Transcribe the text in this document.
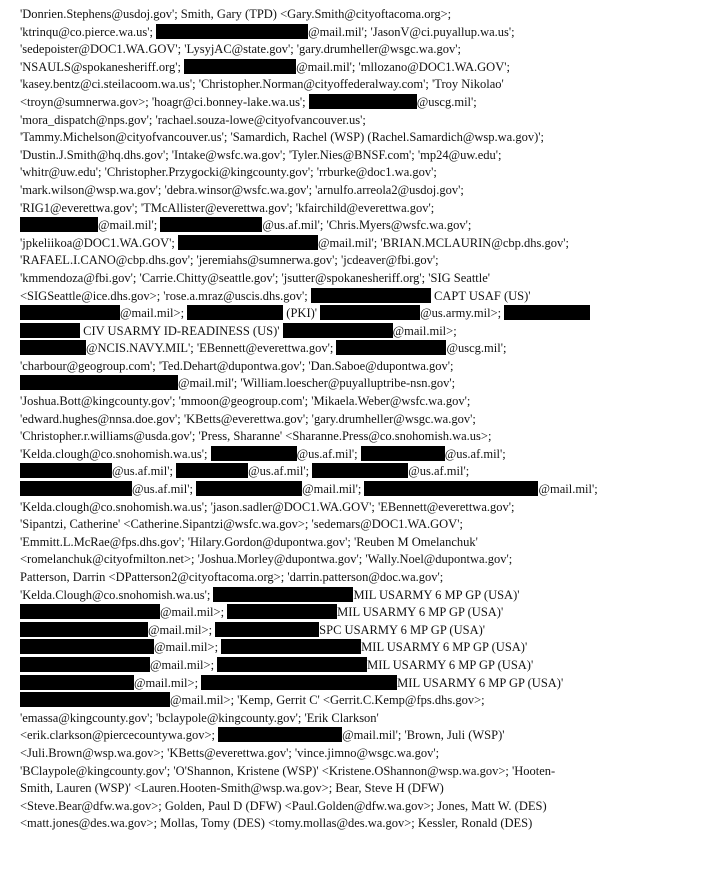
'Donrien.Stephens@usdoj.gov'; Smith, Gary (TPD) <Gary.Smith@cityoftacoma.org>;
'ktrinqu@co.pierce.wa.us';	@mail.mil'; 'JasonV@ci.puyallup.wa.us';
'sedepoister@DOC1.WA.GOV'; 'LysyjAC@state.gov'; 'gary.drumheller@wsgc.wa.gov';
'NSAULS@spokanesheriff.org';	@mail.mil'; 'mllozano@DOC1.WA.GOV';
'kasey.bentz@ci.steilacoom.wa.us'; 'Christopher.Norman@cityoffederalway.com'; 'Troy Nikolao'
<troyn@sumnerwa.gov>; 'hoagr@ci.bonney-lake.wa.us';	@uscg.mil';
'mora_dispatch@nps.gov'; 'rachael.souza-lowe@cityofvancouver.us';
'Tammy.Michelson@cityofvancouver.us'; 'Samardich, Rachel (WSP) (Rachel.Samardich@wsp.wa.gov)';
'Dustin.J.Smith@hq.dhs.gov'; 'Intake@wsfc.wa.gov'; 'Tyler.Nies@BNSF.com'; 'mp24@uw.edu';
'whitr@uw.edu'; 'Christopher.Przygocki@kingcounty.gov'; 'rrburke@doc1.wa.gov';
'mark.wilson@wsp.wa.gov'; 'debra.winsor@wsfc.wa.gov'; 'arnulfo.arreola2@usdoj.gov';
'RIG1@everettwa.gov'; 'TMcAllister@everettwa.gov'; 'kfairchild@everettwa.gov';
@mail.mil';	@us.af.mil'; 'Chris.Myers@wsfc.wa.gov';
'jpkeliikoa@DOC1.WA.GOV';	@mail.mil'; 'BRIAN.MCLAURIN@cbp.dhs.gov';
'RAFAEL.I.CANO@cbp.dhs.gov'; 'jeremiahs@sumnerwa.gov'; 'jcdeaver@fbi.gov';
'kmmendoza@fbi.gov'; 'Carrie.Chitty@seattle.gov'; 'jsutter@spokanesheriff.org'; 'SIG Seattle'
<SIGSeattle@ice.dhs.gov>; 'rose.a.mraz@uscis.dhs.gov';	CAPT USAF (US)'
@mail.mil>;	(PKI)'	@us.army.mil>;
CIV USARMY ID-READINESS (US)'	@mail.mil>;
@NCIS.NAVY.MIL'; 'EBennett@everettwa.gov';	@uscg.mil';
'charbour@geogroup.com'; 'Ted.Dehart@dupontwa.gov'; 'Dan.Saboe@dupontwa.gov';
@mail.mil'; 'William.loescher@puyalluptribe-nsn.gov';
'Joshua.Bott@kingcounty.gov'; 'mmoon@geogroup.com'; 'Mikaela.Weber@wsfc.wa.gov';
'edward.hughes@nnsa.doe.gov'; 'KBetts@everettwa.gov'; 'gary.drumheller@wsgc.wa.gov';
'Christopher.r.williams@usda.gov'; 'Press, Sharanne' <Sharanne.Press@co.snohomish.wa.us>;
'Kelda.clough@co.snohomish.wa.us';	@us.af.mil';	@us.af.mil';
@us.af.mil';	@us.af.mil';	@us.af.mil';
@us.af.mil';	@mail.mil';	@mail.mil';
'Kelda.clough@co.snohomish.wa.us'; 'jason.sadler@DOC1.WA.GOV'; 'EBennett@everettwa.gov';
'Sipantzi, Catherine' <Catherine.Sipantzi@wsfc.wa.gov>; 'sedemars@DOC1.WA.GOV';
'Emmitt.L.McRae@fps.dhs.gov'; 'Hilary.Gordon@dupontwa.gov'; 'Reuben M Omelanchuk'
<romelanchuk@cityofmilton.net>; 'Joshua.Morley@dupontwa.gov'; 'Wally.Noel@dupontwa.gov';
Patterson, Darrin <DPatterson2@cityoftacoma.org>; 'darrin.patterson@doc.wa.gov';
'Kelda.Clough@co.snohomish.wa.us';	MIL USARMY 6 MP GP (USA)'
@mail.mil>;	MIL USARMY 6 MP GP (USA)'
@mail.mil>;	SPC USARMY 6 MP GP (USA)'
@mail.mil>;	MIL USARMY 6 MP GP (USA)'
@mail.mil>;	MIL USARMY 6 MP GP (USA)'
@mail.mil>;	MIL USARMY 6 MP GP (USA)'
@mail.mil>; 'Kemp, Gerrit C' <Gerrit.C.Kemp@fps.dhs.gov>;
'emassa@kingcounty.gov'; 'bclaypole@kingcounty.gov'; 'Erik Clarkson'
<erik.clarkson@piercecountywa.gov>;	@mail.mil'; 'Brown, Juli (WSP)'
<Juli.Brown@wsp.wa.gov>; 'KBetts@everettwa.gov'; 'vince.jimno@wsgc.wa.gov';
'BClaypole@kingcounty.gov'; 'O'Shannon, Kristene (WSP)' <Kristene.OShannon@wsp.wa.gov>; 'Hooten-
Smith, Lauren (WSP)' <Lauren.Hooten-Smith@wsp.wa.gov>; Bear, Steve H (DFW)
<Steve.Bear@dfw.wa.gov>; Golden, Paul D (DFW) <Paul.Golden@dfw.wa.gov>; Jones, Matt W. (DES)
<matt.jones@des.wa.gov>; Mollas, Tomy (DES) <tomy.mollas@des.wa.gov>; Kessler, Ronald (DES)
